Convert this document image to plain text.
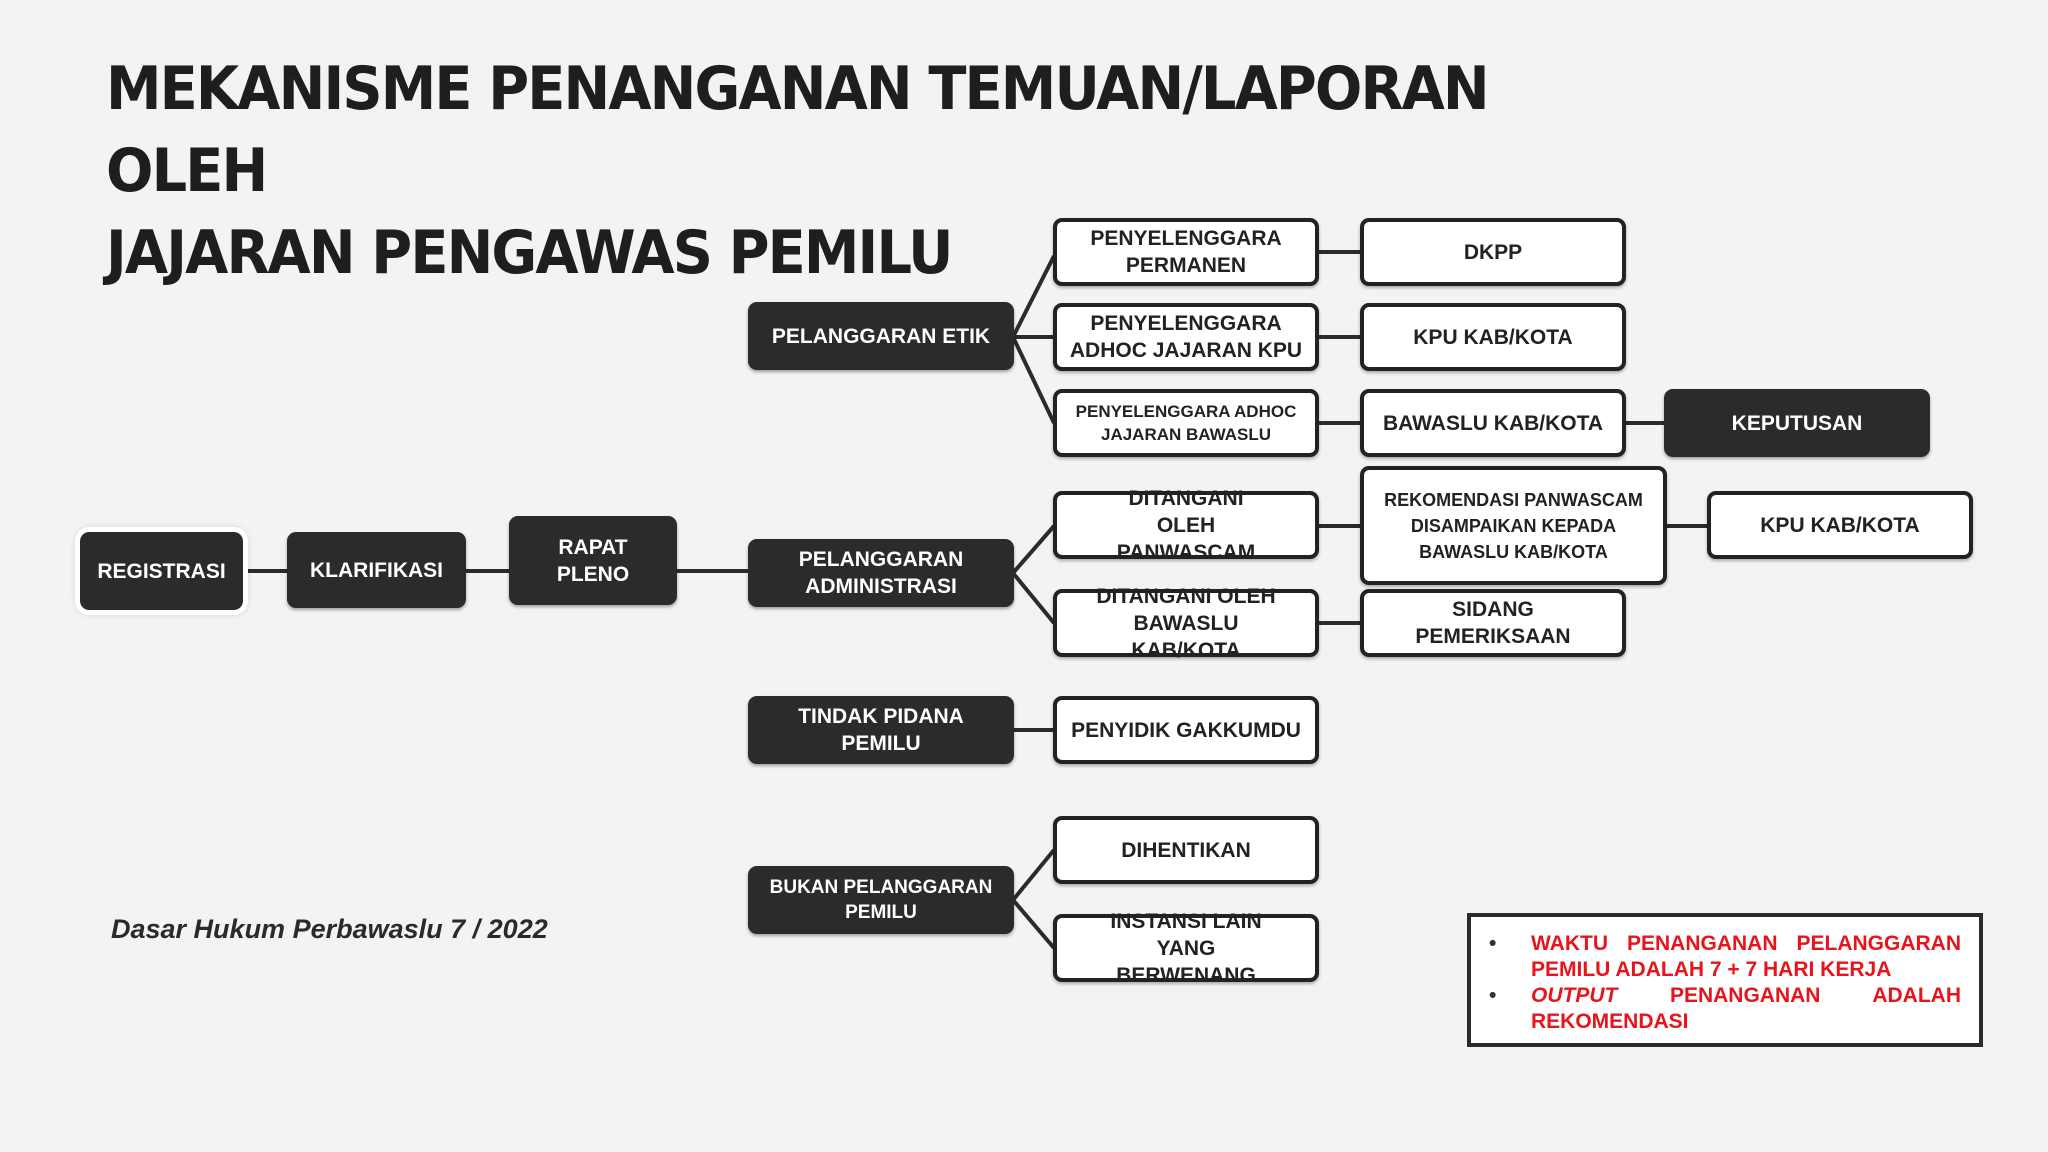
MEKANISME PENANGANAN TEMUAN/LAPORAN OLEH
JAJARAN PENGAWAS PEMILU
REGISTRASI	KLARIFIKASI
RAPAT PLENO
PELANGGARAN ETIK
PELANGGARAN ADMINISTRASI
TINDAK PIDANA PEMILU
BUKAN PELANGGARAN PEMILU
PENYELENGGARA PERMANEN
PENYELENGGARA ADHOC JAJARAN KPU
PENYELENGGARA ADHOC JAJARAN BAWASLU
DKPP
KPU KAB/KOTA
BAWASLU KAB/KOTA	KEPUTUSAN
DITANGANI OLEH PANWASCAM
REKOMENDASI PANWASCAM DISAMPAIKAN KEPADA BAWASLU KAB/KOTA
KPU KAB/KOTA
DITANGANI OLEH BAWASLU KAB/KOTA
SIDANG PEMERIKSAAN
PENYIDIK GAKKUMDU
DIHENTIKAN
INSTANSI LAIN YANG BERWENANG
Dasar Hukum Perbawaslu 7 / 2022
•	WAKTU PENANGANAN PELANGGARAN PEMILU ADALAH 7 + 7 HARI KERJA
• OUTPUT PENANGANAN ADALAH REKOMENDASI
